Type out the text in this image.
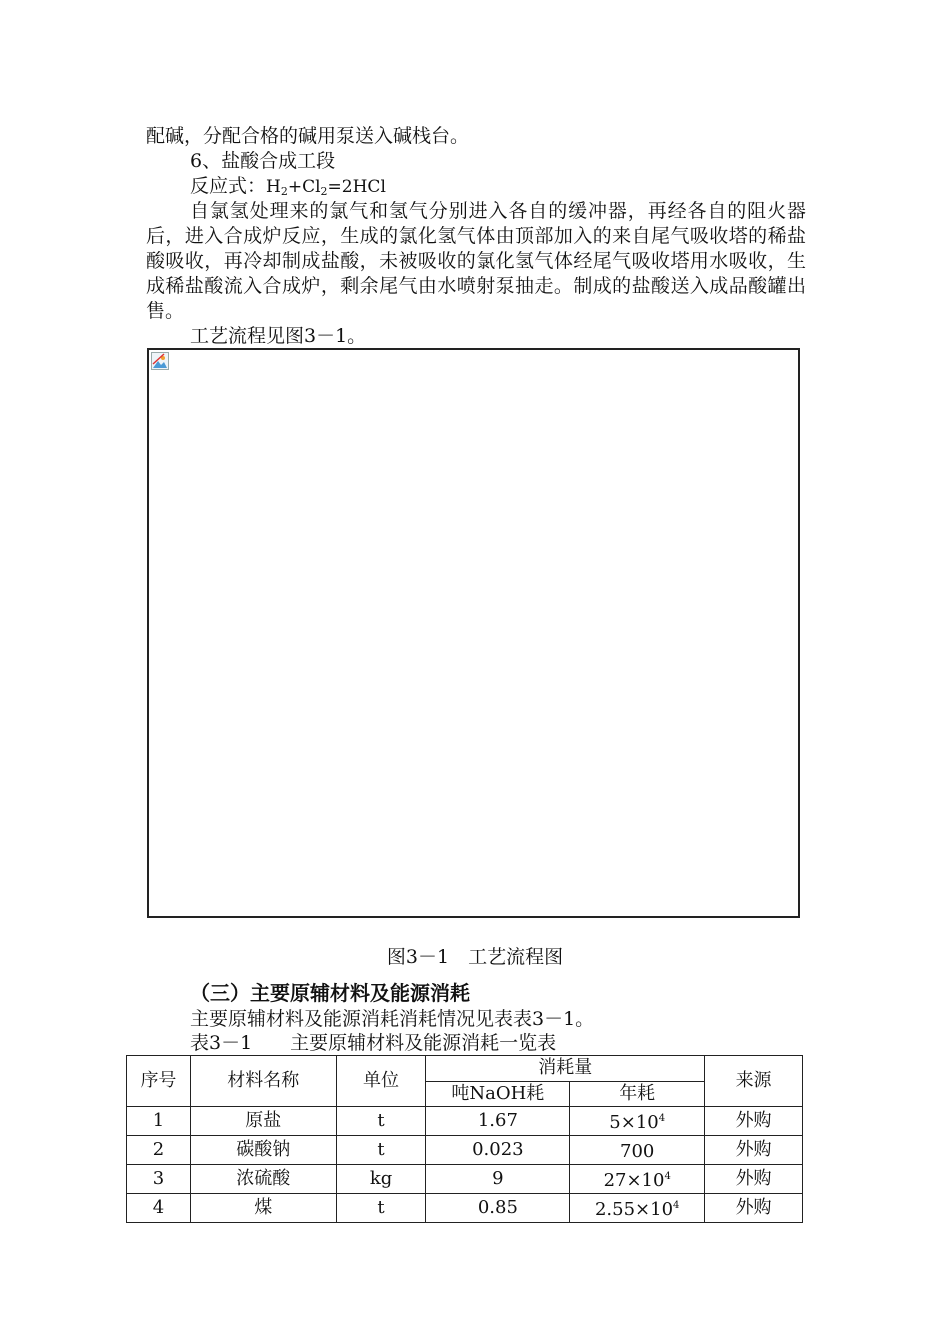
配碱，分配合格的碱用泵送入碱栈台。
6、盐酸合成工段
反应式：$H_2+Cl_2=2HCl$
自氯氢处理来的氯气和氢气分别进入各自的缓冲器，再经各自的阻火器后，进入合成炉反应，生成的氯化氢气体由顶部加入的来自尾气吸收塔的稀盐酸吸收，再冷却制成盐酸，未被吸收的氯化氢气体经尾气吸收塔用水吸收，生成稀盐酸流入合成炉，剩余尾气由水喷射泵抽走。制成的盐酸送入成品酸罐出售。
工艺流程见图3－1。
图3－1　工艺流程图
（三）主要原辅材料及能源消耗
主要原辅材料及能源消耗消耗情况见表表3－1。
表3－1　　主要原辅材料及能源消耗一览表
序号	材料名称	单位	消耗量		来源
			吨NaOH耗	年耗	
1	原盐	t	1.67	$5\times 10^4$	外购
2	碳酸钠	t	0.023	700	外购
3	浓硫酸	kg	9	$27\times 10^4$	外购
4	煤	t	0.85	$2.55\times 10^4$	外购
